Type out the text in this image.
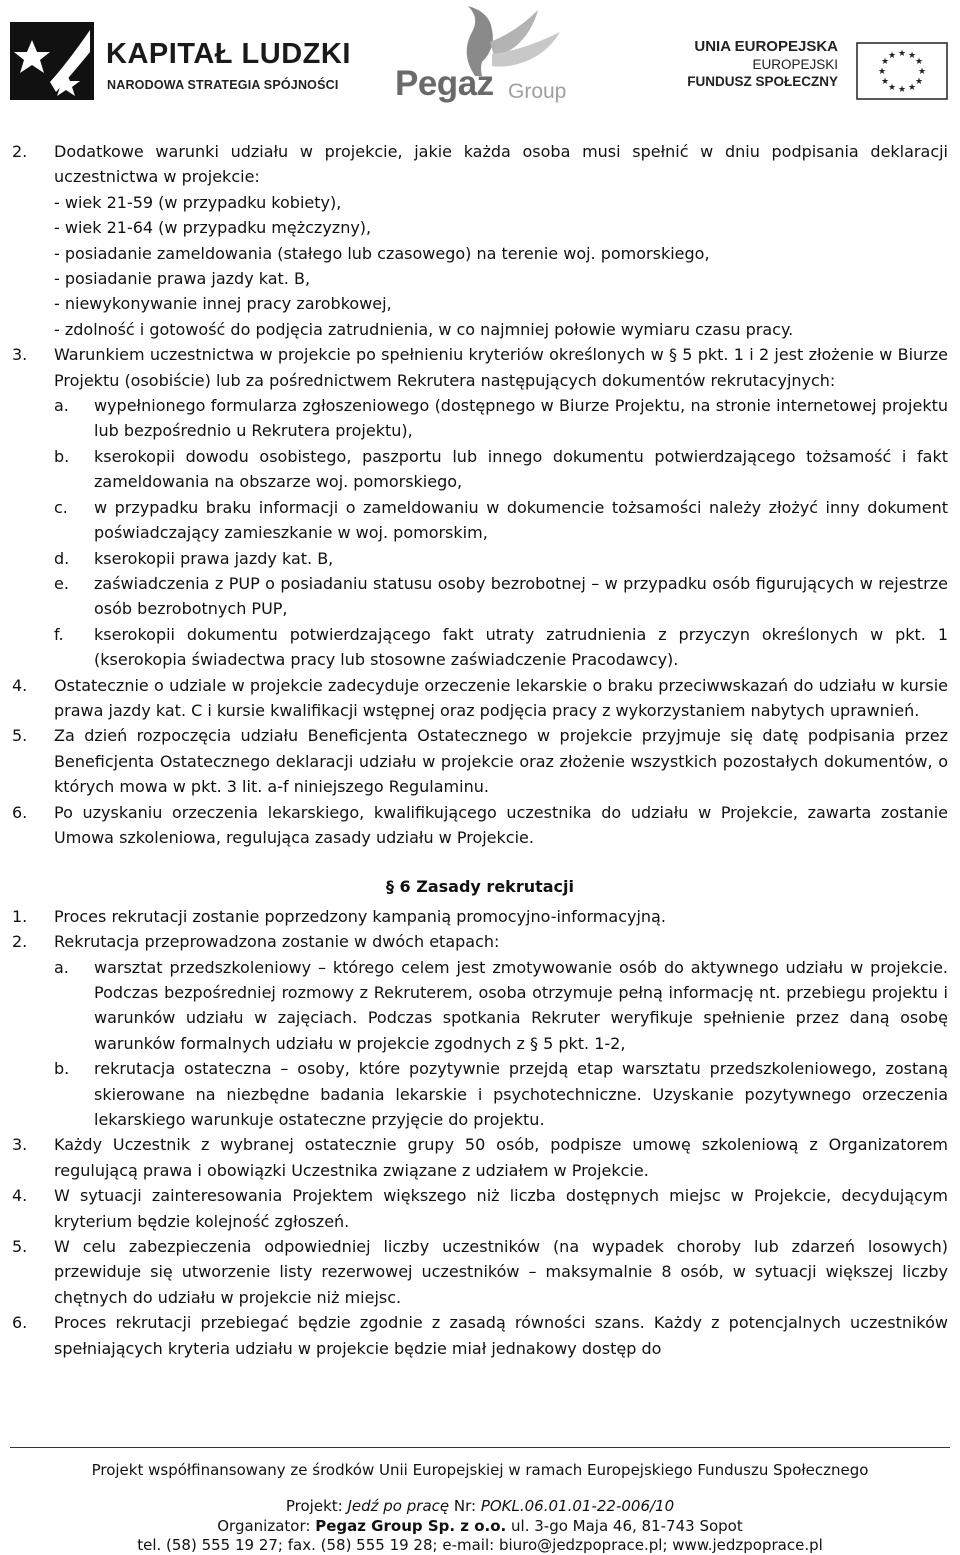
KAPITAŁ LUDZKI
NARODOWA STRATEGIA SPÓJNOŚCI Pegaz Group
UNIA EUROPEJSKA
EUROPEJSKI
FUNDUSZ SPOŁECZNY
★ ★
★
★
★
★
★
★
★
★
★
★
2.	Dodatkowe warunki udziału w projekcie, jakie każda osoba musi spełnić w dniu podpisania deklaracji uczestnictwa w projekcie:
- wiek 21-59 (w przypadku kobiety),
- wiek 21-64 (w przypadku mężczyzny),
- posiadanie zameldowania (stałego lub czasowego) na terenie woj. pomorskiego,
- posiadanie prawa jazdy kat. B,
- niewykonywanie innej pracy zarobkowej,
- zdolność i gotowość do podjęcia zatrudnienia, w co najmniej połowie wymiaru czasu pracy.
3.	Warunkiem uczestnictwa w projekcie po spełnieniu kryteriów określonych w § 5 pkt. 1 i 2 jest złożenie w Biurze Projektu (osobiście) lub za pośrednictwem Rekrutera następujących dokumentów rekrutacyjnych:
a.	wypełnionego formularza zgłoszeniowego (dostępnego w Biurze Projektu, na stronie internetowej projektu lub bezpośrednio u Rekrutera projektu),
b.	kserokopii dowodu osobistego, paszportu lub innego dokumentu potwierdzającego tożsamość i fakt zameldowania na obszarze woj. pomorskiego,
c.	w przypadku braku informacji o zameldowaniu w dokumencie tożsamości należy złożyć inny dokument poświadczający zamieszkanie w woj. pomorskim,
d.	kserokopii prawa jazdy kat. B,
e.	zaświadczenia z PUP o posiadaniu statusu osoby bezrobotnej – w przypadku osób figurujących w rejestrze osób bezrobotnych PUP,
f.	kserokopii dokumentu potwierdzającego fakt utraty zatrudnienia z przyczyn określonych w pkt. 1 (kserokopia świadectwa pracy lub stosowne zaświadczenie Pracodawcy).
4.	Ostatecznie o udziale w projekcie zadecyduje orzeczenie lekarskie o braku przeciwwskazań do udziału w kursie prawa jazdy kat. C i kursie kwalifikacji wstępnej oraz podjęcia pracy z wykorzystaniem nabytych uprawnień.
5.	Za dzień rozpoczęcia udziału Beneficjenta Ostatecznego w projekcie przyjmuje się datę podpisania przez Beneficjenta Ostatecznego deklaracji udziału w projekcie oraz złożenie wszystkich pozostałych dokumentów, o których mowa w pkt. 3 lit. a-f niniejszego Regulaminu.
6.	Po uzyskaniu orzeczenia lekarskiego, kwalifikującego uczestnika do udziału w Projekcie, zawarta zostanie Umowa szkoleniowa, regulująca zasady udziału w Projekcie.
§ 6 Zasady rekrutacji
1.	Proces rekrutacji zostanie poprzedzony kampanią promocyjno-informacyjną.
2.	Rekrutacja przeprowadzona zostanie w dwóch etapach:
a.	warsztat przedszkoleniowy – którego celem jest zmotywowanie osób do aktywnego udziału w projekcie. Podczas bezpośredniej rozmowy z Rekruterem, osoba otrzymuje pełną informację nt. przebiegu projektu i warunków udziału w zajęciach. Podczas spotkania Rekruter weryfikuje spełnienie przez daną osobę warunków formalnych udziału w projekcie zgodnych z § 5 pkt. 1-2,
b.	rekrutacja ostateczna – osoby, które pozytywnie przejdą etap warsztatu przedszkoleniowego, zostaną skierowane na niezbędne badania lekarskie i psychotechniczne. Uzyskanie pozytywnego orzeczenia lekarskiego warunkuje ostateczne przyjęcie do projektu.
3.	Każdy Uczestnik z wybranej ostatecznie grupy 50 osób, podpisze umowę szkoleniową z Organizatorem regulującą prawa i obowiązki Uczestnika związane z udziałem w Projekcie.
4.	W sytuacji zainteresowania Projektem większego niż liczba dostępnych miejsc w Projekcie, decydującym kryterium będzie kolejność zgłoszeń.
5.	W celu zabezpieczenia odpowiedniej liczby uczestników (na wypadek choroby lub zdarzeń losowych) przewiduje się utworzenie listy rezerwowej uczestników – maksymalnie 8 osób, w sytuacji większej liczby chętnych do udziału w projekcie niż miejsc.
6.	Proces rekrutacji przebiegać będzie zgodnie z zasadą równości szans. Każdy z potencjalnych uczestników spełniających kryteria udziału w projekcie będzie miał jednakowy dostęp do
Projekt współfinansowany ze środków Unii Europejskiej w ramach Europejskiego Funduszu Społecznego
Projekt: Jedź po pracę Nr: POKL.06.01.01-22-006/10
Organizator: Pegaz Group Sp. z o.o. ul. 3-go Maja 46, 81-743 Sopot
tel. (58) 555 19 27; fax. (58) 555 19 28; e-mail: biuro@jedzpoprace.pl; www.jedzpoprace.pl
